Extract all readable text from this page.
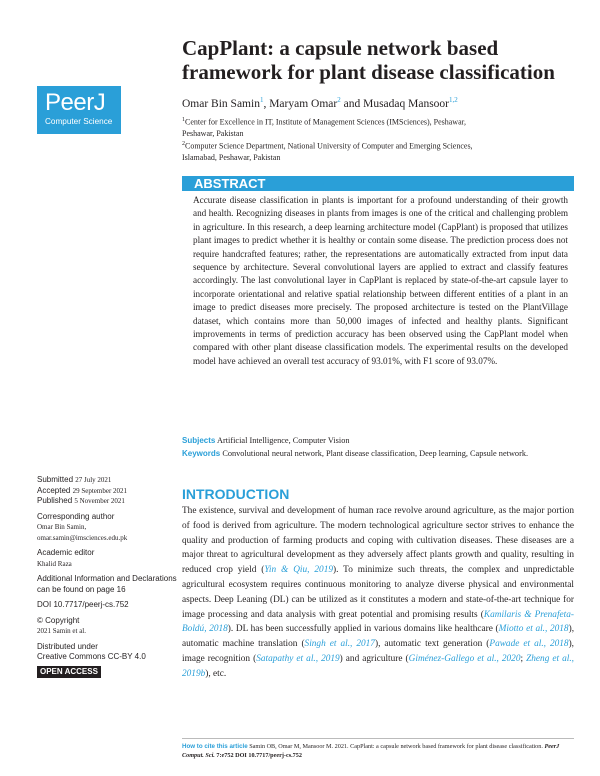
PeerJ
Computer Science
CapPlant: a capsule network based framework for plant disease classification
Omar Bin Samin$^1$, Maryam Omar$^2$ and Musadaq Mansoor$^{1,2}$

$^1$Center for Excellence in IT, Institute of Management Sciences (IMSciences), Peshawar, Peshawar, Pakistan

$^2$Computer Science Department, National University of Computer and Emerging Sciences, Islamabad, Peshawar, Pakistan

ABSTRACT
Accurate disease classification in plants is important for a profound understanding of their growth and health. Recognizing diseases in plants from images is one of the critical and challenging problem in agriculture. In this research, a deep learning architecture model (CapPlant) is proposed that utilizes plant images to predict whether it is healthy or contain some disease. The prediction process does not require handcrafted features; rather, the representations are automatically extracted from input data sequence by architecture. Several convolutional layers are applied to extract and classify features accordingly. The last convolutional layer in CapPlant is replaced by state-of-the-art capsule layer to incorporate orientational and relative spatial relationship between different entities of a plant in an image to predict diseases more precisely. The proposed architecture is tested on the PlantVillage dataset, which contains more than 50,000 images of infected and healthy plants. Significant improvements in terms of prediction accuracy has been observed using the CapPlant model when compared with other plant disease classification models. The experimental results on the developed model have achieved an overall test accuracy of 93.01%, with F1 score of 93.07%.
Subjects Artificial Intelligence, Computer Vision
Keywords Convolutional neural network, Plant disease classification, Deep learning, Capsule network.
Submitted 27 July 2021
Accepted 29 September 2021
Published 5 November 2021
Corresponding author
Omar Bin Samin,
omar.samin@imsciences.edu.pk
Academic editor
Khalid Raza
Additional Information and Declarations can be found on page 16
DOI 10.7717/peerj-cs.752
© Copyright
2021 Samin et al.
Distributed under
Creative Commons CC-BY 4.0
OPEN ACCESS
INTRODUCTION
The existence, survival and development of human race revolve around agriculture, as the major portion of food is derived from agriculture. The modern technological agriculture sector strives to enhance the quality and production of farming products and coping with cultivation diseases. These diseases are a major threat to agricultural development as they adversely affect plants growth and quality, resulting in reduced crop yield (Yin & Qiu, 2019). To minimize such threats, the complex and unpredictable agricultural ecosystem requires continuous monitoring to analyze diverse physical and environmental aspects. Deep Leaning (DL) can be utilized as it constitutes a modern and state-of-the-art technique for image processing and data analysis with great potential and promising results (Kamilaris & Prenafeta-Boldú, 2018). DL has been successfully applied in various domains like healthcare (Miotto et al., 2018), automatic machine translation (Singh et al., 2017), automatic text generation (Pawade et al., 2018), image recognition (Satapathy et al., 2019) and agriculture (Giménez-Gallego et al., 2020; Zheng et al., 2019b), etc.
How to cite this article Samin OB, Omar M, Mansoor M. 2021. CapPlant: a capsule network based framework for plant disease classification. PeerJ Comput. Sci. 7:e752 DOI 10.7717/peerj-cs.752
